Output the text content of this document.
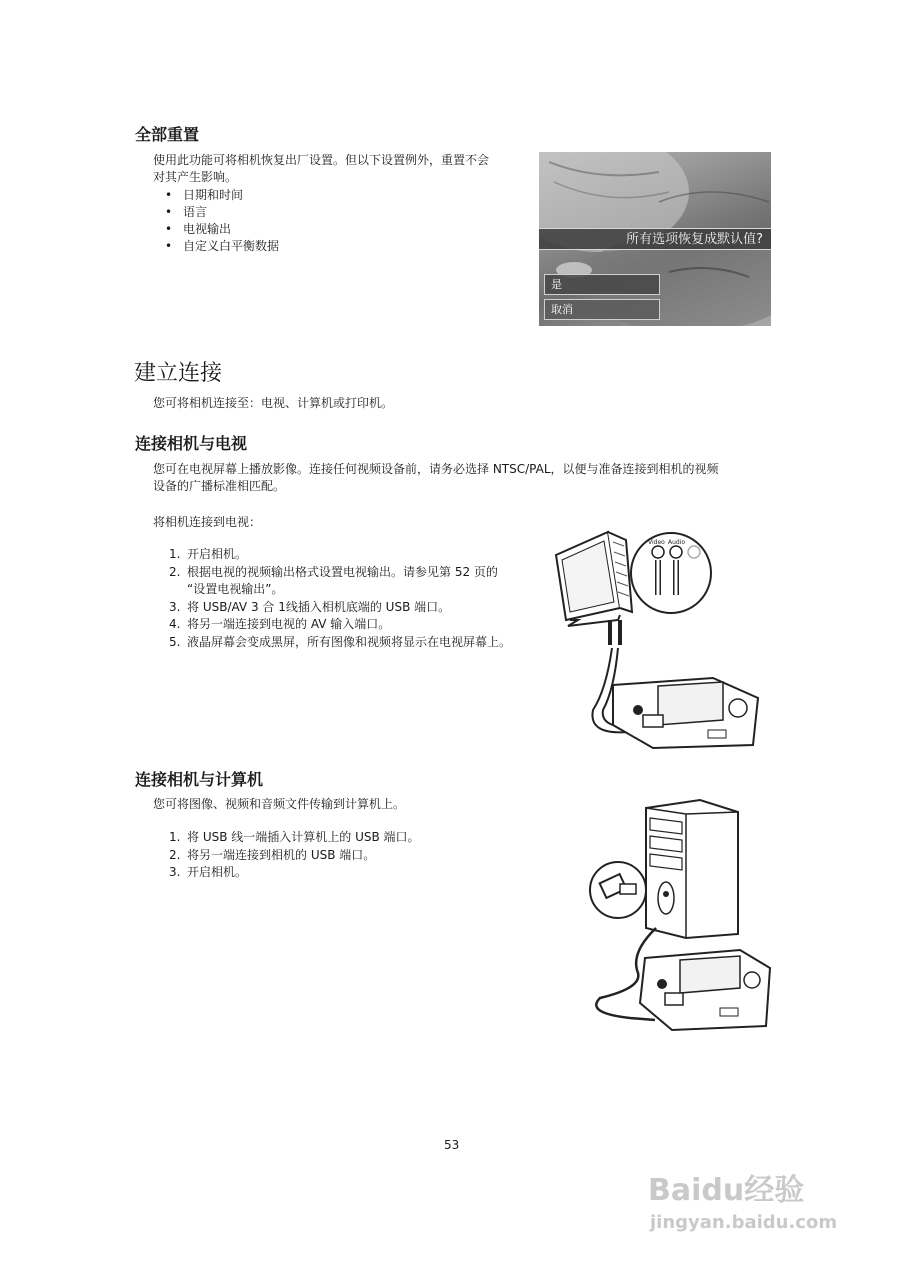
全部重置
使用此功能可将相机恢复出厂设置。但以下设置例外，重置不会
对其产生影响。
• 日期和时间
• 语言
• 电视输出
• 自定义白平衡数据	所有选项恢复成默认值?
是
取消
建立连接
您可将相机连接至：电视、计算机或打印机。
连接相机与电视
您可在电视屏幕上播放影像。连接任何视频设备前，请务必选择 NTSC/PAL，以便与准备连接到相机的视频
设备的广播标准相匹配。
将相机连接到电视：
1. 开启相机。
2. 根据电视的视频输出格式设置电视输出。请参见第 52 页的
“设置电视输出”。
3. 将 USB/AV 3 合 1线插入相机底端的 USB 端口。
4. 将另一端连接到电视的 AV 输入端口。
5. 液晶屏幕会变成黑屏，所有图像和视频将显示在电视屏幕上。
Video Audio
连接相机与计算机
您可将图像、视频和音频文件传输到计算机上。
1. 将 USB 线一端插入计算机上的 USB 端口。
2. 将另一端连接到相机的 USB 端口。
3. 开启相机。
53
Baidu经验
jingyan.baidu.com
